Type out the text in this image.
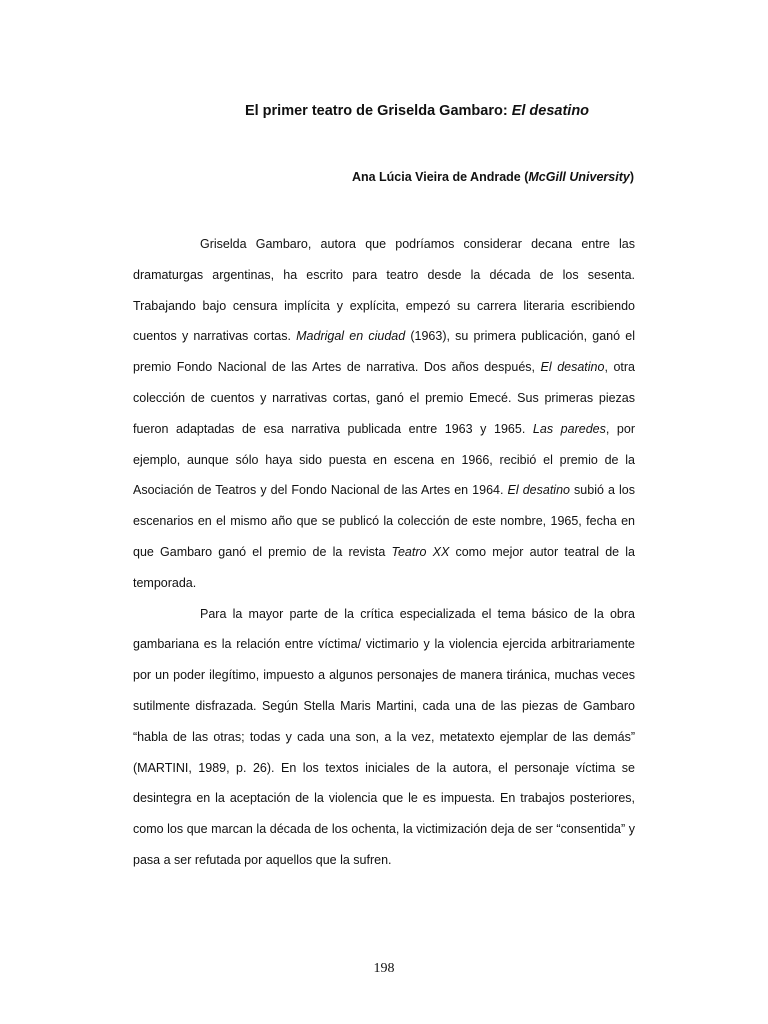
El primer teatro de Griselda Gambaro: El desatino
Ana Lúcia Vieira de Andrade (McGill University)

Griselda Gambaro, autora que podríamos considerar decana entre las dramaturgas argentinas, ha escrito para teatro desde la década de los sesenta. Trabajando bajo censura implícita y explícita, empezó su carrera literaria escribiendo cuentos y narrativas cortas. Madrigal en ciudad (1963), su primera publicación, ganó el premio Fondo Nacional de las Artes de narrativa. Dos años después, El desatino, otra colección de cuentos y narrativas cortas, ganó el premio Emecé. Sus primeras piezas fueron adaptadas de esa narrativa publicada entre 1963 y 1965. Las paredes, por ejemplo, aunque sólo haya sido puesta en escena en 1966, recibió el premio de la Asociación de Teatros y del Fondo Nacional de las Artes en 1964. El desatino subió a los escenarios en el mismo año que se publicó la colección de este nombre, 1965, fecha en que Gambaro ganó el premio de la revista Teatro XX como mejor autor teatral de la temporada.

Para la mayor parte de la crítica especializada el tema básico de la obra gambariana es la relación entre víctima/ victimario y la violencia ejercida arbitrariamente por un poder ilegítimo, impuesto a algunos personajes de manera tiránica, muchas veces sutilmente disfrazada. Según Stella Maris Martini, cada una de las piezas de Gambaro “habla de las otras; todas y cada una son, a la vez, metatexto ejemplar de las demás” (MARTINI, 1989, p. 26). En los textos iniciales de la autora, el personaje víctima se desintegra en la aceptación de la violencia que le es impuesta. En trabajos posteriores, como los que marcan la década de los ochenta, la victimización deja de ser “consentida” y pasa a ser refutada por aquellos que la sufren.

198
